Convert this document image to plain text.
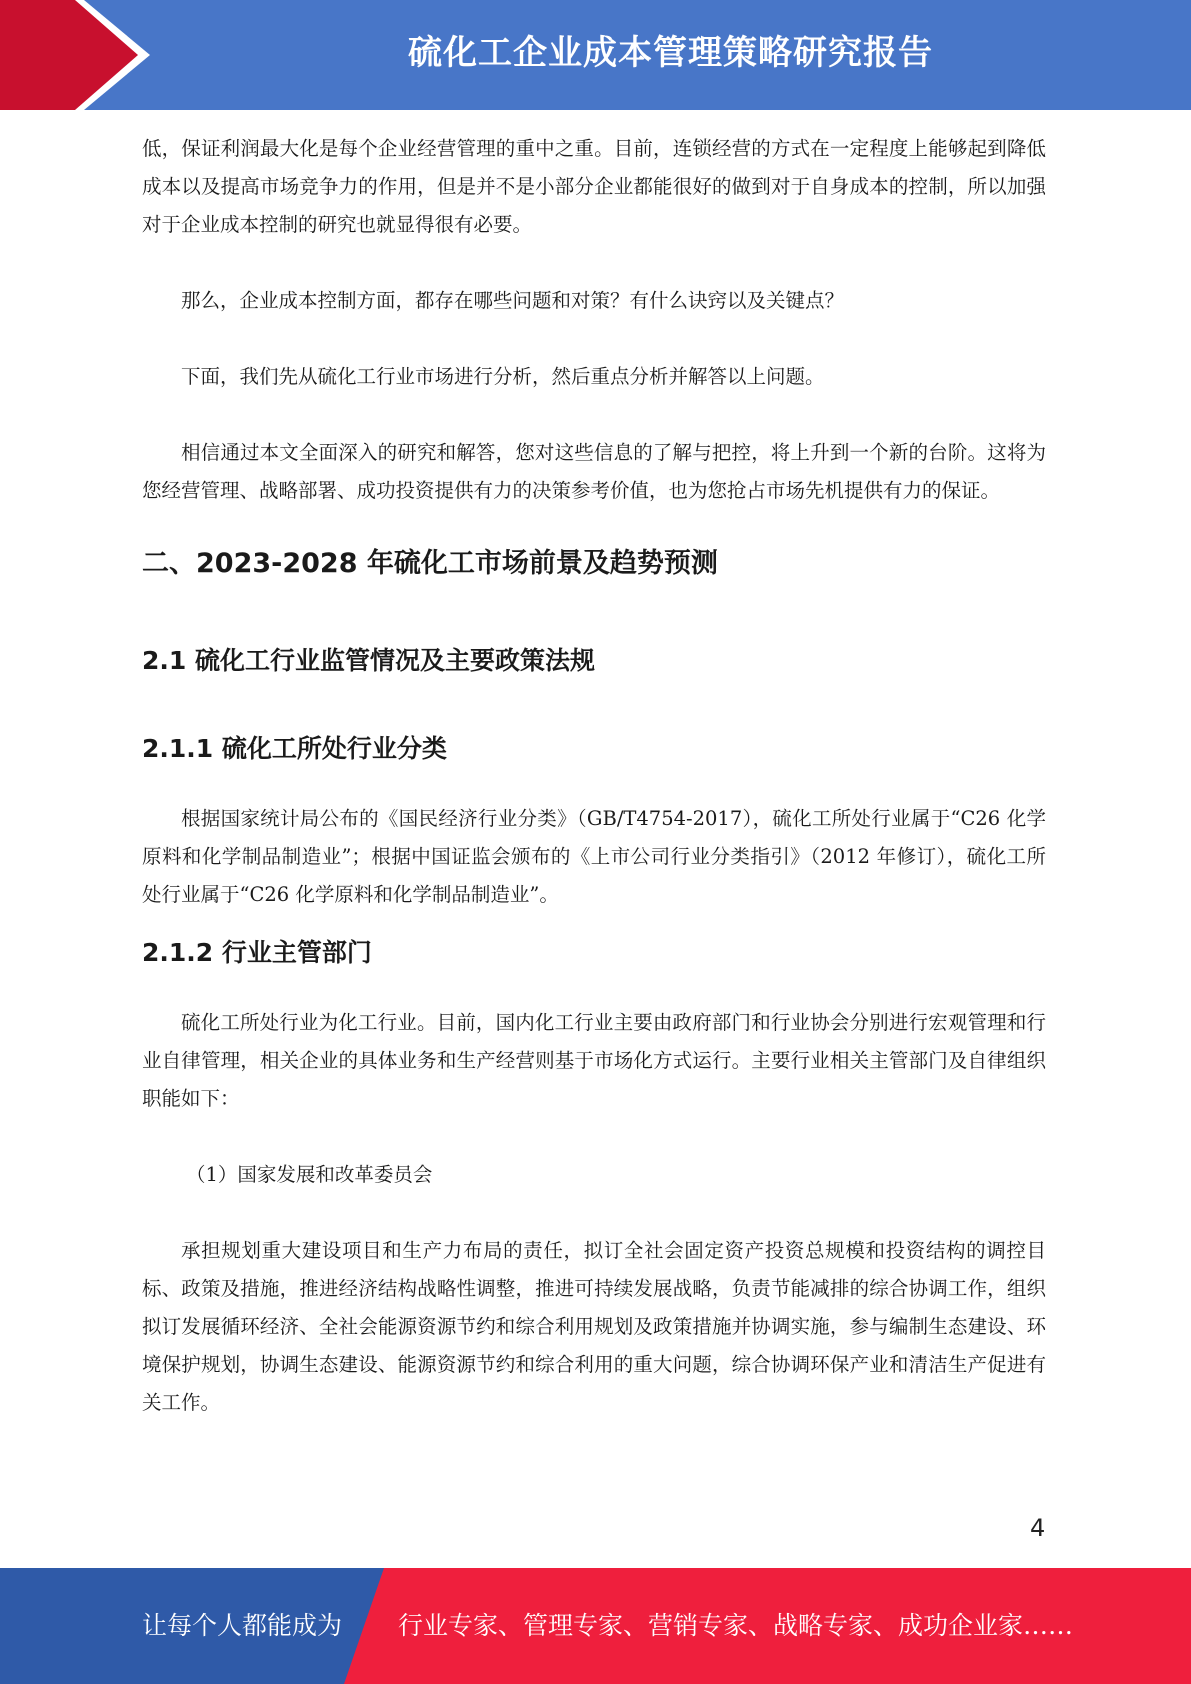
硫化工企业成本管理策略研究报告

低，保证利润最大化是每个企业经营管理的重中之重。目前，连锁经营的方式在一定程度上能够起到降低成本以及提高市场竞争力的作用，但是并不是小部分企业都能很好的做到对于自身成本的控制，所以加强对于企业成本控制的研究也就显得很有必要。

那么，企业成本控制方面，都存在哪些问题和对策？有什么诀窍以及关键点？

下面，我们先从硫化工行业市场进行分析，然后重点分析并解答以上问题。

相信通过本文全面深入的研究和解答，您对这些信息的了解与把控，将上升到一个新的台阶。这将为您经营管理、战略部署、成功投资提供有力的决策参考价值，也为您抢占市场先机提供有力的保证。

二、2023-2028 年硫化工市场前景及趋势预测
2.1 硫化工行业监管情况及主要政策法规
2.1.1 硫化工所处行业分类

根据国家统计局公布的《国民经济行业分类》（GB/T4754-2017），硫化工所处行业属于“C26 化学原料和化学制品制造业”；根据中国证监会颁布的《上市公司行业分类指引》（2012 年修订），硫化工所处行业属于“C26 化学原料和化学制品制造业”。

2.1.2 行业主管部门

硫化工所处行业为化工行业。目前，国内化工行业主要由政府部门和行业协会分别进行宏观管理和行业自律管理，相关企业的具体业务和生产经营则基于市场化方式运行。主要行业相关主管部门及自律组织职能如下：

（1）国家发展和改革委员会

承担规划重大建设项目和生产力布局的责任，拟订全社会固定资产投资总规模和投资结构的调控目标、政策及措施，推进经济结构战略性调整，推进可持续发展战略，负责节能减排的综合协调工作，组织拟订发展循环经济、全社会能源资源节约和综合利用规划及政策措施并协调实施，参与编制生态建设、环境保护规划，协调生态建设、能源资源节约和综合利用的重大问题，综合协调环保产业和清洁生产促进有关工作。

4
让每个人都能成为 行业专家、管理专家、营销专家、战略专家、成功企业家……
